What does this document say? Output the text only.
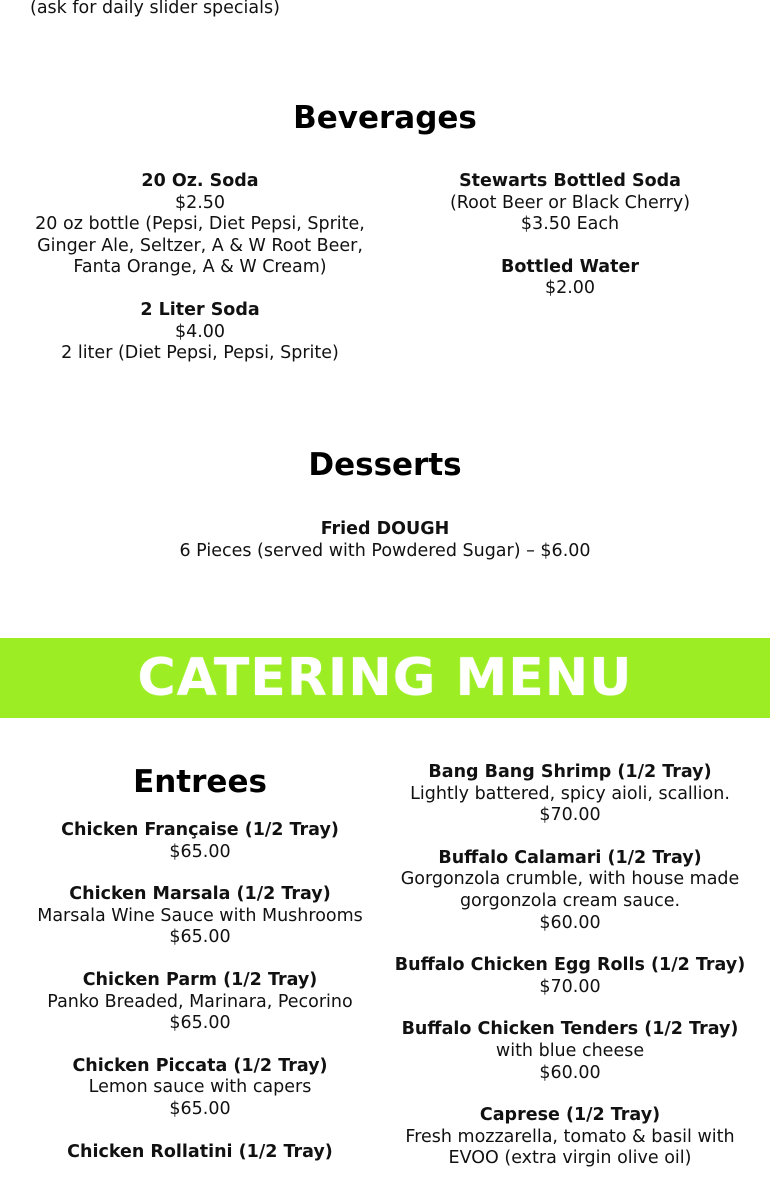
(ask for daily slider specials)
Beverages
20 Oz. Soda
$2.50
20 oz bottle (Pepsi, Diet Pepsi, Sprite,
Ginger Ale, Seltzer, A & W Root Beer,
Fanta Orange, A & W Cream)
2 Liter Soda
$4.00
2 liter (Diet Pepsi, Pepsi, Sprite)
Stewarts Bottled Soda
(Root Beer or Black Cherry)
$3.50 Each
Bottled Water
$2.00
Desserts
Fried DOUGH
6 Pieces (served with Powdered Sugar) – $6.00
CATERING MENU
Entrees
Chicken Française (1/2 Tray)
$65.00
Chicken Marsala (1/2 Tray)
Marsala Wine Sauce with Mushrooms
$65.00
Chicken Parm (1/2 Tray)
Panko Breaded, Marinara, Pecorino
$65.00
Chicken Piccata (1/2 Tray)
Lemon sauce with capers
$65.00
Chicken Rollatini (1/2 Tray)
Bang Bang Shrimp (1/2 Tray)
Lightly battered, spicy aioli, scallion.
$70.00
Buffalo Calamari (1/2 Tray)
Gorgonzola crumble, with house made
gorgonzola cream sauce.
$60.00
Buffalo Chicken Egg Rolls (1/2 Tray)
$70.00
Buffalo Chicken Tenders (1/2 Tray)
with blue cheese
$60.00
Caprese (1/2 Tray)
Fresh mozzarella, tomato & basil with
EVOO (extra virgin olive oil)
